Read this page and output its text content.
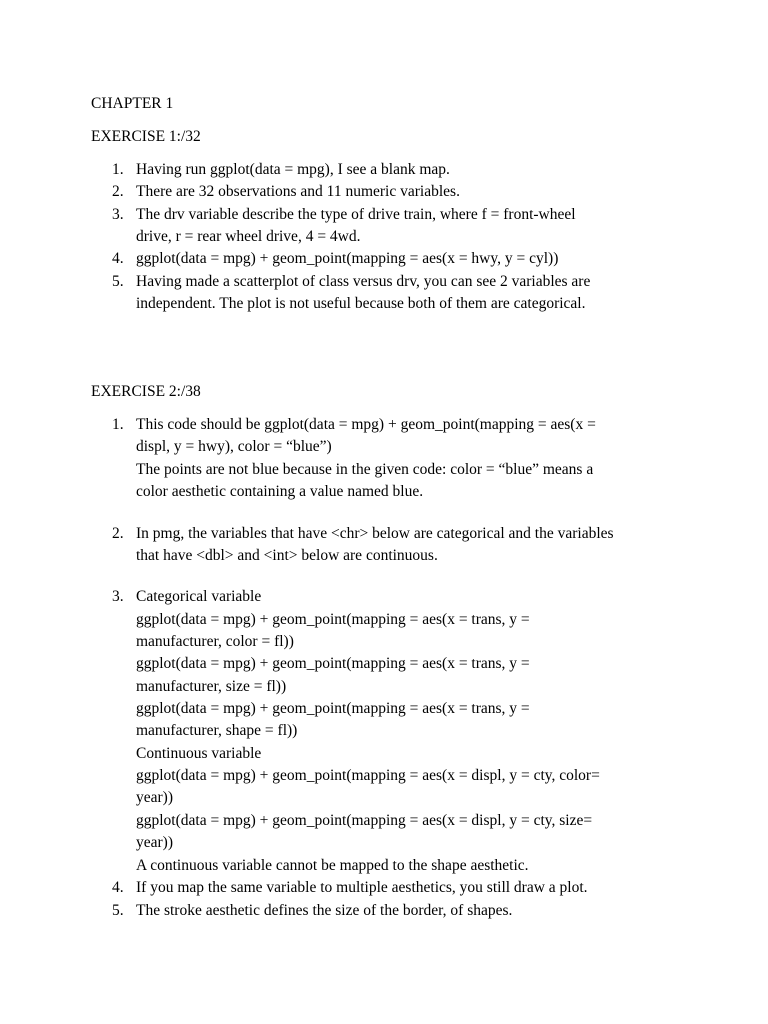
CHAPTER 1
EXERCISE 1:/32
1. Having run ggplot(data = mpg), I see a blank map.
2. There are 32 observations and 11 numeric variables.
3. The drv variable describe the type of drive train, where f = front-wheel
drive, r = rear wheel drive, 4 = 4wd.
4. ggplot(data = mpg) + geom_point(mapping = aes(x = hwy, y = cyl))
5. Having made a scatterplot of class versus drv, you can see 2 variables are
independent. The plot is not useful because both of them are categorical.
EXERCISE 2:/38
1. This code should be ggplot(data = mpg) + geom_point(mapping = aes(x =
displ, y = hwy), color = “blue”)
The points are not blue because in the given code: color = “blue” means a
color aesthetic containing a value named blue.
2. In pmg, the variables that have <chr> below are categorical and the variables
that have <dbl> and <int> below are continuous.
3. Categorical variable
ggplot(data = mpg) + geom_point(mapping = aes(x = trans, y =
manufacturer, color = fl))
ggplot(data = mpg) + geom_point(mapping = aes(x = trans, y =
manufacturer, size = fl))
ggplot(data = mpg) + geom_point(mapping = aes(x = trans, y =
manufacturer, shape = fl))
Continuous variable
ggplot(data = mpg) + geom_point(mapping = aes(x = displ, y = cty, color=
year))
ggplot(data = mpg) + geom_point(mapping = aes(x = displ, y = cty, size=
year))
A continuous variable cannot be mapped to the shape aesthetic.
4. If you map the same variable to multiple aesthetics, you still draw a plot.
5. The stroke aesthetic defines the size of the border, of shapes.
